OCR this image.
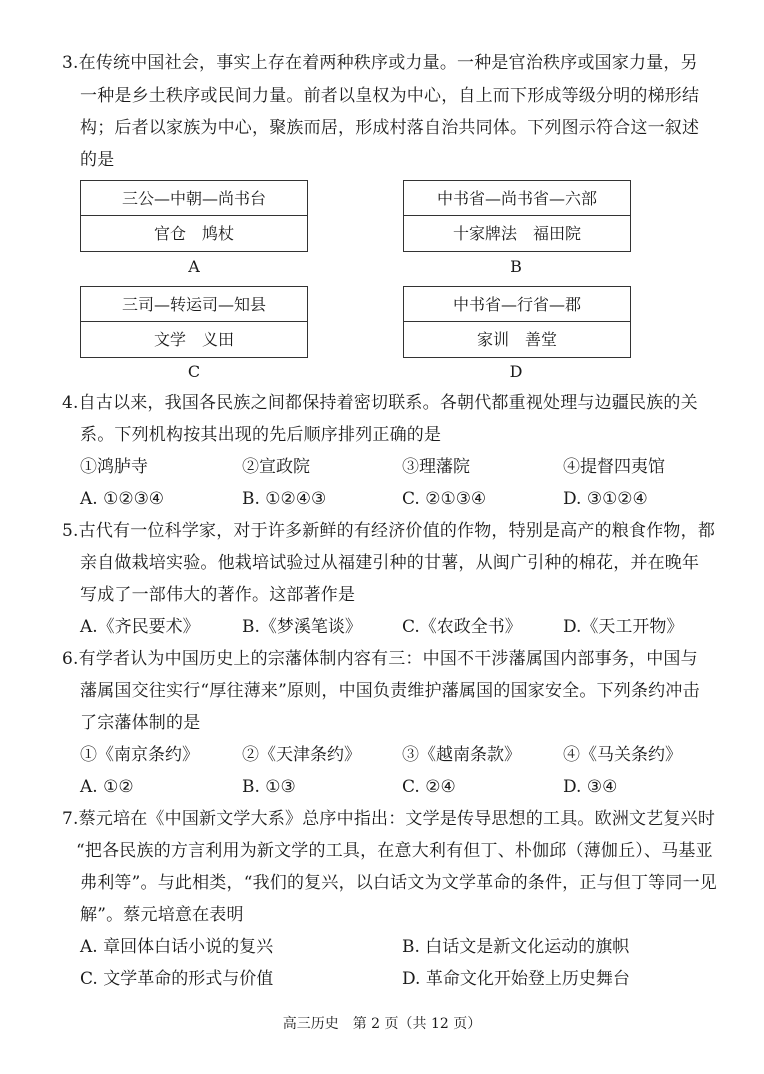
3.在传统中国社会，事实上存在着两种秩序或力量。一种是官治秩序或国家力量，另
一种是乡土秩序或民间力量。前者以皇权为中心，自上而下形成等级分明的梯形结
构；后者以家族为中心，聚族而居，形成村落自治共同体。下列图示符合这一叙述
的是
三公—中朝—尚书台
官仓　鸠杖
A
中书省—尚书省—六部
十家牌法　福田院
B
三司—转运司—知县
文学　义田
C
中书省—行省—郡
家训　善堂
D
4.自古以来，我国各民族之间都保持着密切联系。各朝代都重视处理与边疆民族的关
系。下列机构按其出现的先后顺序排列正确的是
①鸿胪寺	②宣政院	③理藩院	④提督四夷馆
A. ①②③④	B. ①②④③	C. ②①③④	D. ③①②④
5.古代有一位科学家，对于许多新鲜的有经济价值的作物，特别是高产的粮食作物，都
亲自做栽培实验。他栽培试验过从福建引种的甘薯，从闽广引种的棉花，并在晚年
写成了一部伟大的著作。这部著作是
A.《齐民要术》 B.《梦溪笔谈》 C.《农政全书》 D.《天工开物》
6.有学者认为中国历史上的宗藩体制内容有三：中国不干涉藩属国内部事务，中国与
藩属国交往实行“厚往薄来”原则，中国负责维护藩属国的国家安全。下列条约冲击
了宗藩体制的是
①《南京条约》	②《天津条约》 ③《越南条款》 ④《马关条约》
A. ①②	B. ①③	C. ②④	D. ③④
7.蔡元培在《中国新文学大系》总序中指出：文学是传导思想的工具。欧洲文艺复兴时
“把各民族的方言利用为新文学的工具，在意大利有但丁、朴伽邱（薄伽丘）、马基亚
弗利等”。与此相类，“我们的复兴，以白话文为文学革命的条件，正与但丁等同一见
解”。蔡元培意在表明
A. 章回体白话小说的复兴	B. 白话文是新文化运动的旗帜
C. 文学革命的形式与价值	D. 革命文化开始登上历史舞台
高三历史　第 2 页（共 12 页）
